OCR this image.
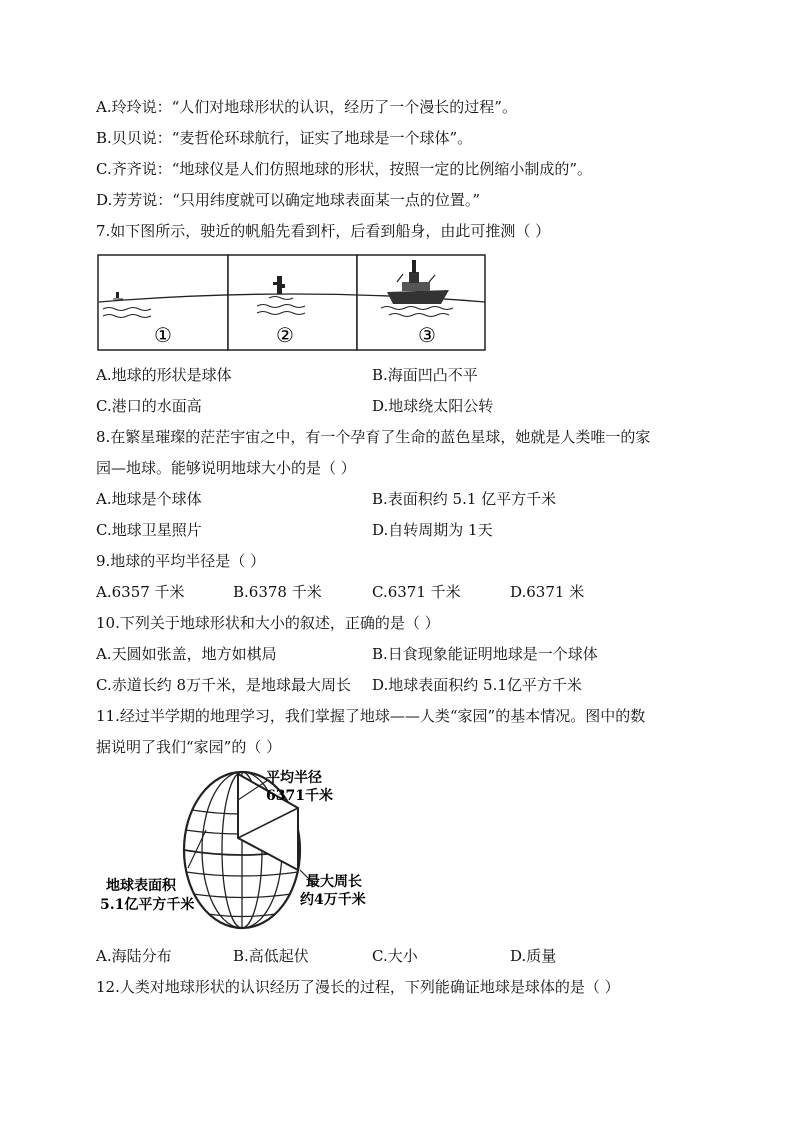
A.玲玲说：“人们对地球形状的认识，经历了一个漫长的过程”。
B.贝贝说：“麦哲伦环球航行，证实了地球是一个球体”。
C.齐齐说：“地球仪是人们仿照地球的形状，按照一定的比例缩小制成的”。
D.芳芳说：“只用纬度就可以确定地球表面某一点的位置。”
7.如下图所示，驶近的帆船先看到杆，后看到船身，由此可推测（ ）
①	②	③
A.地球的形状是球体	B.海面凹凸不平
C.港口的水面高	D.地球绕太阳公转
8.在繁星璀璨的茫茫宇宙之中，有一个孕育了生命的蓝色星球，她就是人类唯一的家
园—地球。能够说明地球大小的是（ ）
A.地球是个球体	B.表面积约 5.1 亿平方千米
C.地球卫星照片	D.自转周期为 1天
9.地球的平均半径是（ ）
A.6357 千米	B.6378 千米	C.6371 千米	D.6371 米
10.下列关于地球形状和大小的叙述，正确的是（ ）
A.天圆如张盖，地方如棋局	B.日食现象能证明地球是一个球体
C.赤道长约 8万千米，是地球最大周长 D.地球表面积约 5.1亿平方千米
11.经过半学期的地理学习，我们掌握了地球——人类“家园”的基本情况。图中的数
据说明了我们“家园”的（ ）
平均半径
6371千米
地球表面积
5.1亿平方千米
最大周长
约4万千米
A.海陆分布	B.高低起伏	C.大小	D.质量
12.人类对地球形状的认识经历了漫长的过程，下列能确证地球是球体的是（ ）
